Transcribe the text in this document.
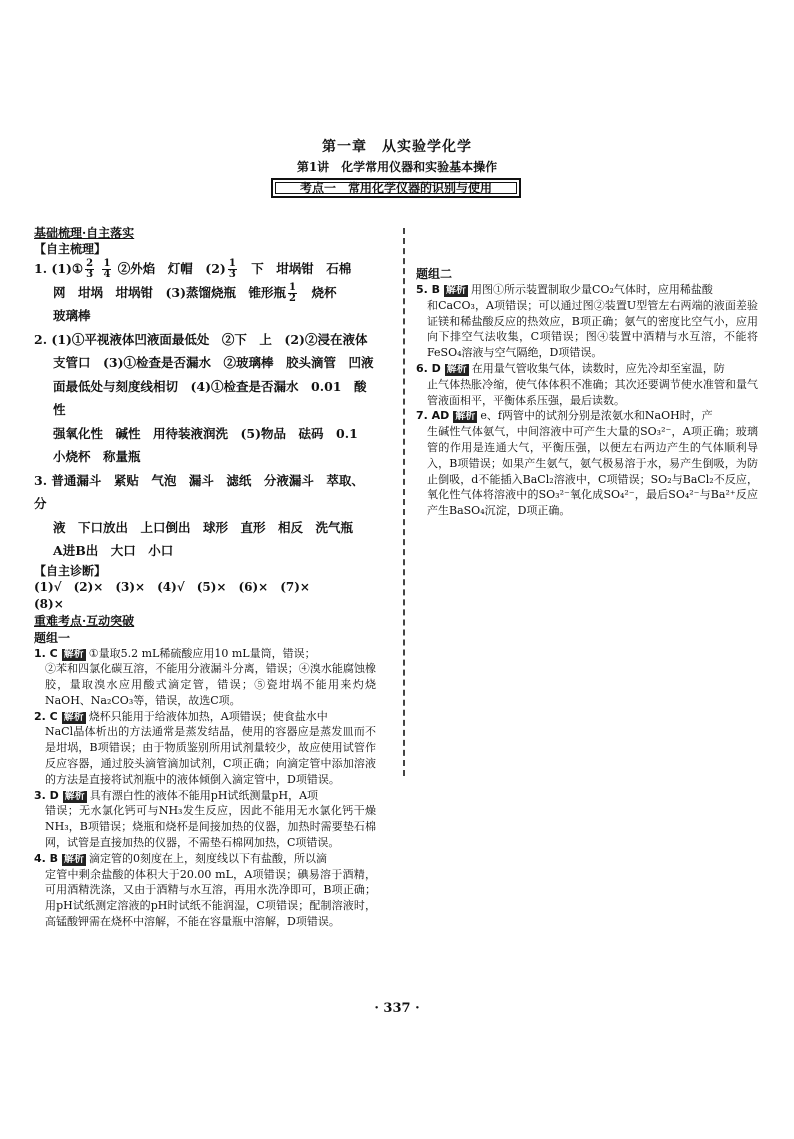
第一章　从实验学化学
第1讲　化学常用仪器和实验基本操作
考点一　常用化学仪器的识别与使用
基础梳理·自主落实
【自主梳理】
1. (1)① $\frac{2}{3}$
$\frac{1}{4}$ ②外焰　灯帽　$(2) \frac{1}{3}$ 　下　坩埚钳　石棉
网　坩埚　坩埚钳　(3)蒸馏烧瓶　锥形瓶 $\frac{1}{2}$ 　烧杯
玻璃棒
2. (1)①平视液体凹液面最低处　②下　上　(2)②浸在液体
支管口　(3)①检查是否漏水　②玻璃棒　胶头滴管　凹液
面最低处与刻度线相切　(4)①检查是否漏水　0.01　酸性
强氧化性　碱性　用待装液润洗　(5)物品　砝码　0.1
小烧杯　称量瓶
3. 普通漏斗　紧贴　气泡　漏斗　滤纸　分液漏斗　萃取、分
液　下口放出　上口倒出　球形　直形　相反　洗气瓶
A进B出　大口　小口
【自主诊断】
(1)√　(2)×　(3)×　(4)√　(5)×　(6)×　(7)×
(8)×
重难考点·互动突破
题组一
1. C 解析 ①量取5.2 mL稀硫酸应用10 mL量筒，错误；
②苯和四氯化碳互溶，不能用分液漏斗分离，错误；④溴水能腐蚀橡胶，量取溴水应用酸式滴定管，错误；⑤瓷坩埚不能用来灼烧NaOH、Na₂CO₃等，错误，故选C项。
2. C 解析 烧杯只能用于给液体加热，A项错误；使食盐水中
NaCl晶体析出的方法通常是蒸发结晶，使用的容器应是蒸发皿而不是坩埚，B项错误；由于物质鉴别所用试剂量较少，故应使用试管作反应容器，通过胶头滴管滴加试剂，C项正确；向滴定管中添加溶液的方法是直接将试剂瓶中的液体倾倒入滴定管中，D项错误。
3. D 解析 具有漂白性的液体不能用pH试纸测量pH，A项
错误；无水氯化钙可与NH₃发生反应，因此不能用无水氯化钙干燥NH₃，B项错误；烧瓶和烧杯是间接加热的仪器，加热时需要垫石棉网，试管是直接加热的仪器，不需垫石棉网加热，C项错误。
4. B 解析 滴定管的0刻度在上，刻度线以下有盐酸，所以滴
定管中剩余盐酸的体积大于20.00 mL，A项错误；碘易溶于酒精，可用酒精洗涤，又由于酒精与水互溶，再用水洗净即可，B项正确；用pH试纸测定溶液的pH时试纸不能润湿，C项错误；配制溶液时，高锰酸钾需在烧杯中溶解，不能在容量瓶中溶解，D项错误。
题组二
5. B 解析 用图①所示装置制取少量CO₂气体时，应用稀盐酸
和CaCO₃，A项错误；可以通过图②装置U型管左右两端的液面差验证镁和稀盐酸反应的热效应，B项正确；氨气的密度比空气小，应用向下排空气法收集，C项错误；图④装置中酒精与水互溶，不能将FeSO₄溶液与空气隔绝，D项错误。
6. D 解析 在用量气管收集气体，读数时，应先冷却至室温，防
止气体热胀冷缩，使气体体积不准确；其次还要调节使水准管和量气管液面相平，平衡体系压强，最后读数。
7. AD 解析 e、f两管中的试剂分别是浓氨水和NaOH时，产
生碱性气体氨气，中间溶液中可产生大量的SO₃²⁻，A项正确；玻璃管的作用是连通大气，平衡压强，以便左右两边产生的气体顺利导入，B项错误；如果产生氨气，氨气极易溶于水，易产生倒吸，为防止倒吸，d不能插入BaCl₂溶液中，C项错误；SO₂与BaCl₂不反应，氧化性气体将溶液中的SO₃²⁻氧化成SO₄²⁻，最后SO₄²⁻与Ba²⁺反应产生BaSO₄沉淀，D项正确。
· 337 ·
